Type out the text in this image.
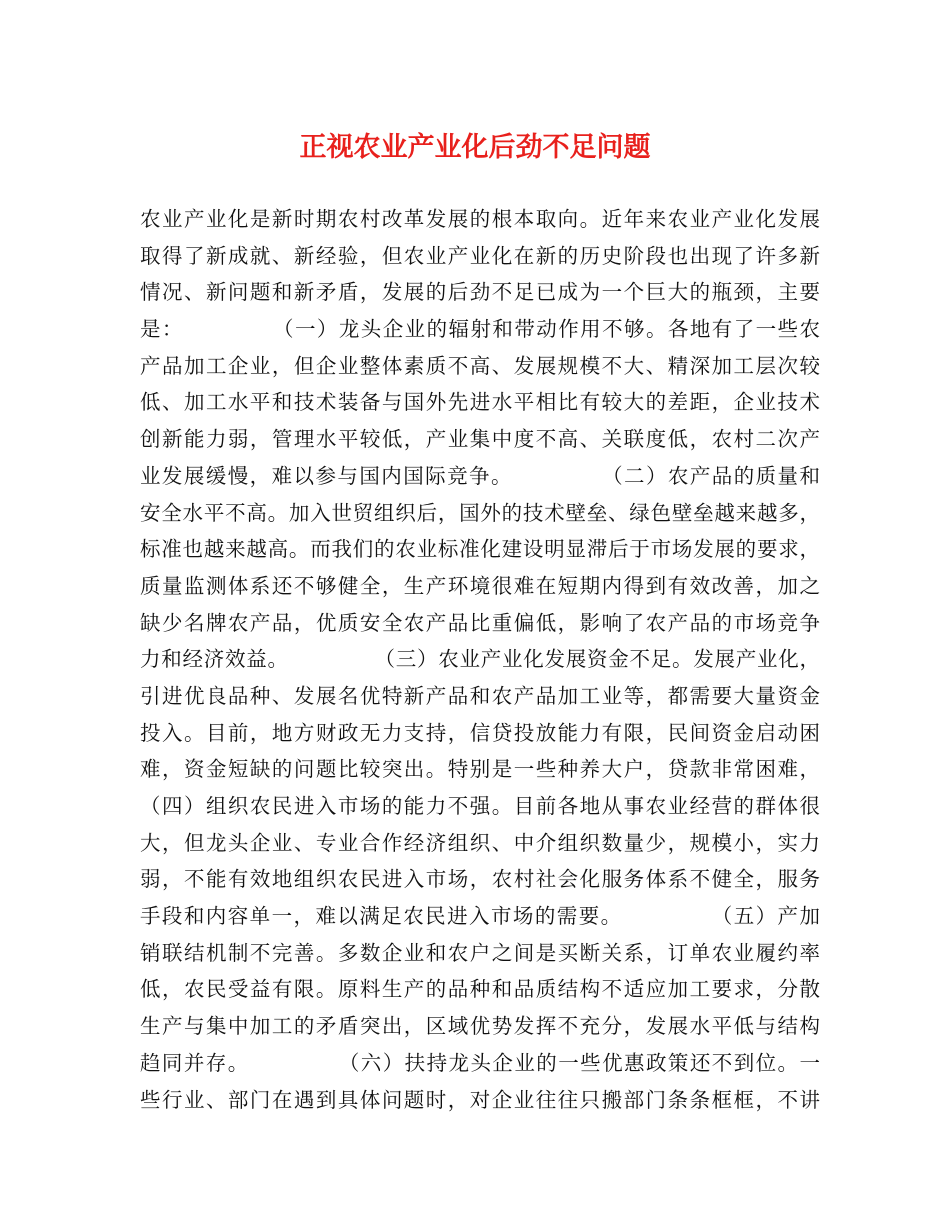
正视农业产业化后劲不足问题
农业产业化是新时期农村改革发展的根本取向。近年来农业产业化发展
取得了新成就、新经验，但农业产业化在新的历史阶段也出现了许多新
情况、新问题和新矛盾，发展的后劲不足已成为一个巨大的瓶颈，主要
是：　　　　　（一）龙头企业的辐射和带动作用不够。各地有了一些农
产品加工企业，但企业整体素质不高、发展规模不大、精深加工层次较
低、加工水平和技术装备与国外先进水平相比有较大的差距，企业技术
创新能力弱，管理水平较低，产业集中度不高、关联度低，农村二次产
业发展缓慢，难以参与国内国际竞争。　　　　　（二）农产品的质量和
安全水平不高。加入世贸组织后，国外的技术壁垒、绿色壁垒越来越多，
标准也越来越高。而我们的农业标准化建设明显滞后于市场发展的要求，
质量监测体系还不够健全，生产环境很难在短期内得到有效改善，加之
缺少名牌农产品，优质安全农产品比重偏低，影响了农产品的市场竞争
力和经济效益。　　　　　（三）农业产业化发展资金不足。发展产业化，
引进优良品种、发展名优特新产品和农产品加工业等，都需要大量资金
投入。目前，地方财政无力支持，信贷投放能力有限，民间资金启动困
难，资金短缺的问题比较突出。特别是一些种养大户，贷款非常困难，
（四）组织农民进入市场的能力不强。目前各地从事农业经营的群体很
大，但龙头企业、专业合作经济组织、中介组织数量少，规模小，实力
弱，不能有效地组织农民进入市场，农村社会化服务体系不健全，服务
手段和内容单一，难以满足农民进入市场的需要。　　　　　（五）产加
销联结机制不完善。多数企业和农户之间是买断关系，订单农业履约率
低，农民受益有限。原料生产的品种和品质结构不适应加工要求，分散
生产与集中加工的矛盾突出，区域优势发挥不充分，发展水平低与结构
趋同并存。　　　　　（六）扶持龙头企业的一些优惠政策还不到位。一
些行业、部门在遇到具体问题时，对企业往往只搬部门条条框框，不讲
